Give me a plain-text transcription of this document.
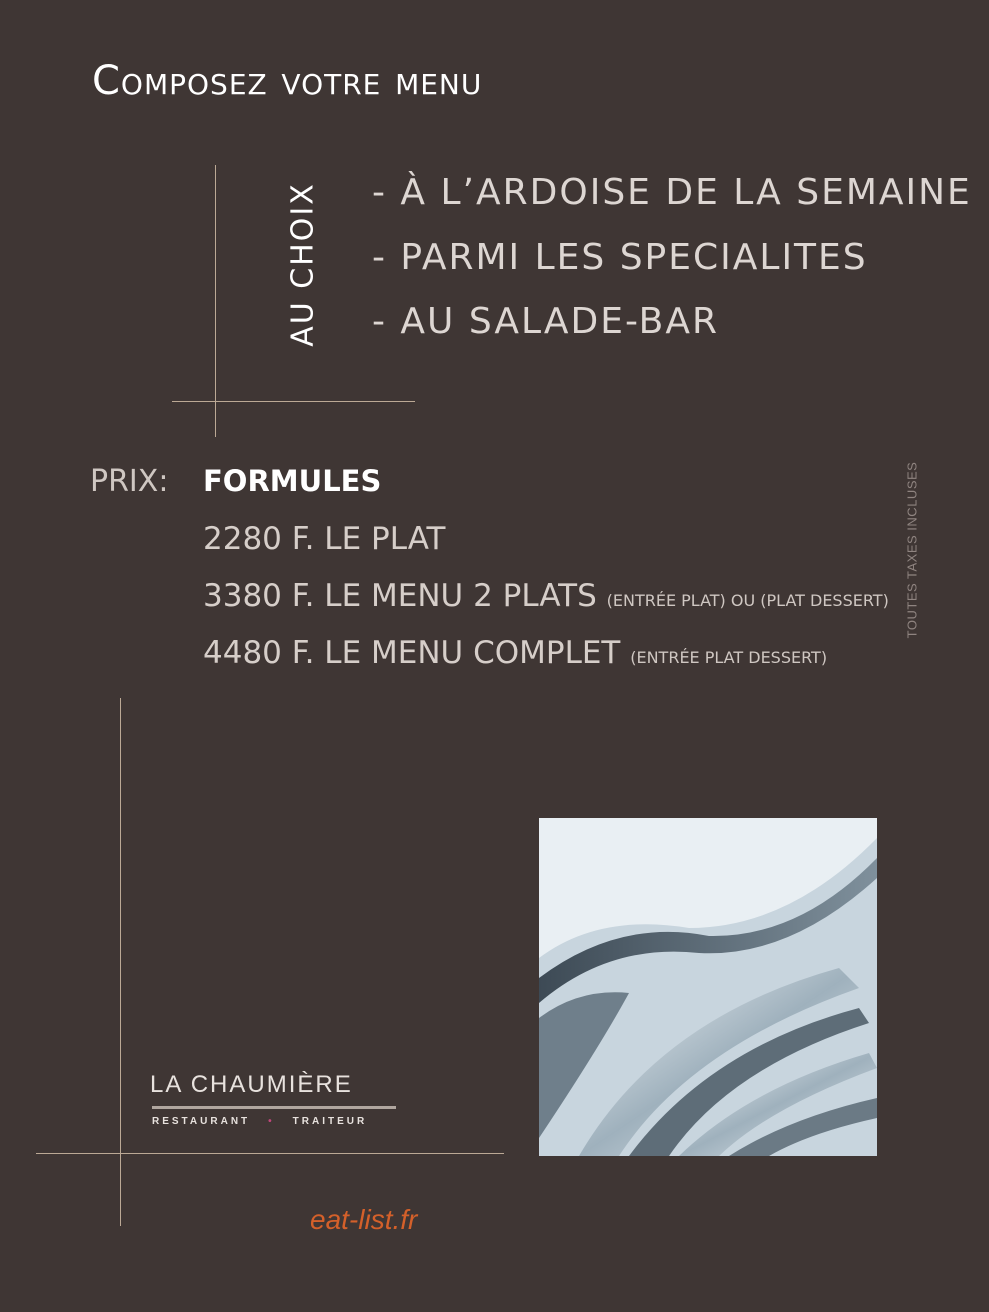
Composez votre menu
AU CHOIX - À L’ARDOISE DE LA SEMAINE
- PARMI LES SPECIALITES
- AU SALADE-BAR
PRIX: FORMULES
2280 F. LE PLAT
3380 F. LE MENU 2 PLATS (ENTRÉE PLAT) OU (PLAT DESSERT)
4480 F. LE MENU COMPLET (ENTRÉE PLAT DESSERT)
TOUTES TAXES INCLUSES
LA CHAUMIÈRE
RESTAURANT • TRAITEUR
eat-list.fr
